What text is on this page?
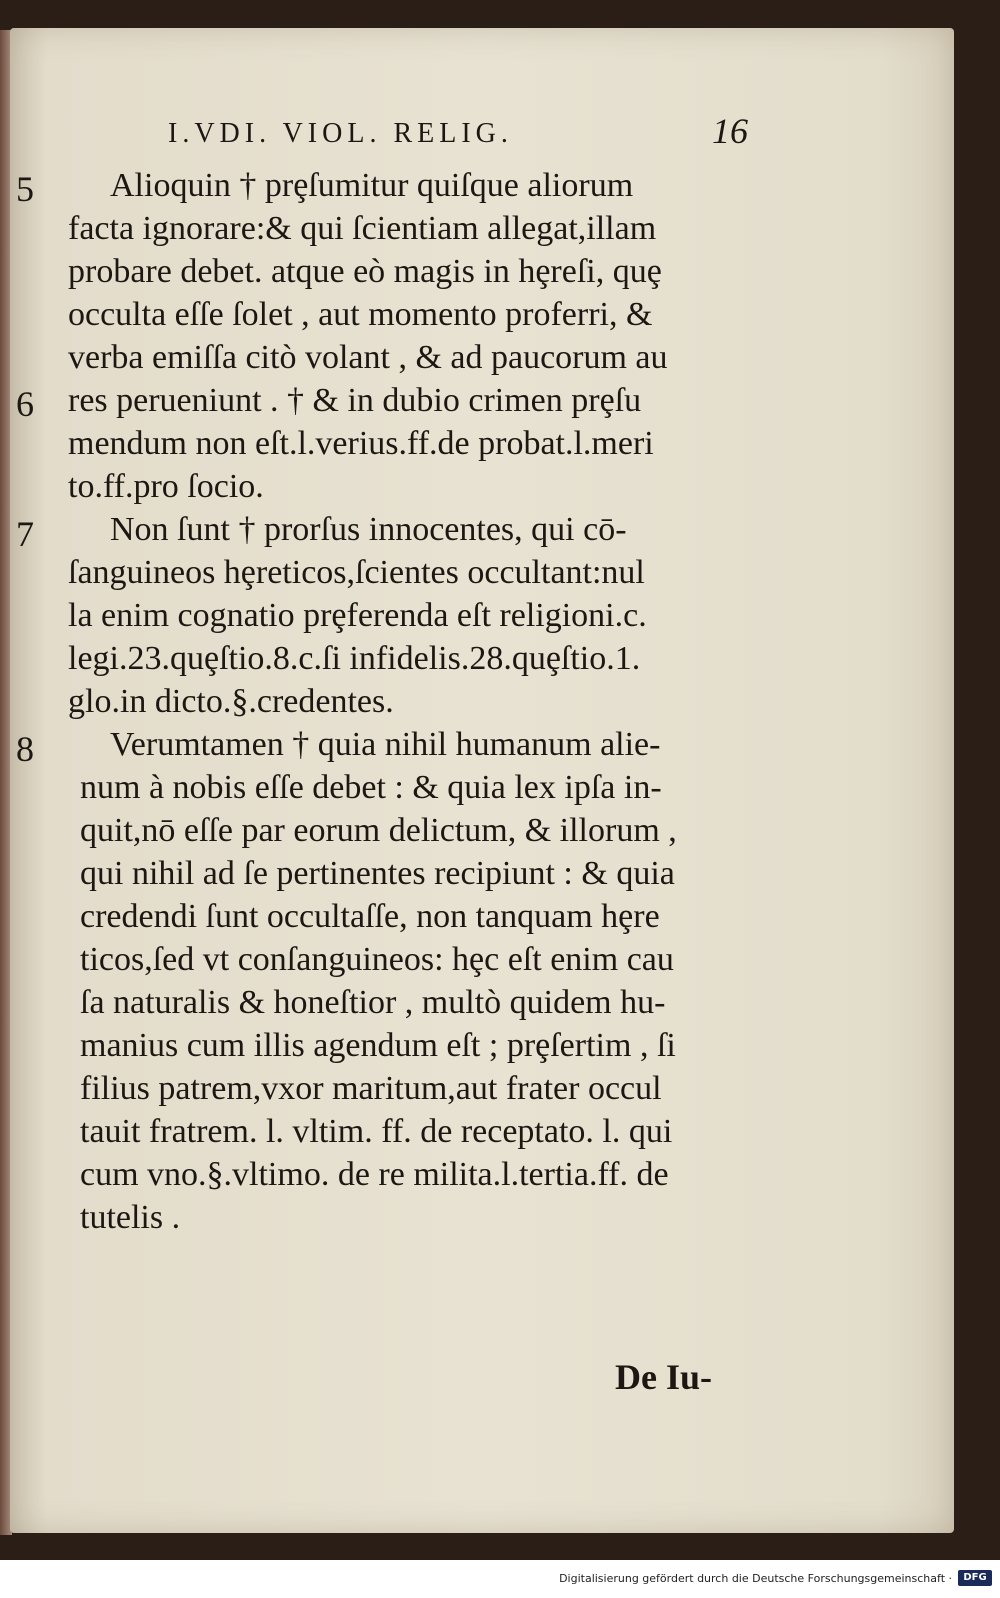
I.VDI. VIOL. RELIG.	16
5
6
7
8
Alioquin † prȩſumitur quiſque aliorum
facta ignorare:& qui ſcientiam allegat,illam
probare debet. atque eò magis in hȩreſi, quȩ
occulta eſſe ſolet , aut momento proferri, &
verba emiſſa citò volant , & ad paucorum au
res perueniunt . † & in dubio crimen prȩſu
mendum non eſt.l.verius.ff.de probat.l.meri
to.ff.pro ſocio.
Non ſunt † prorſus innocentes, qui cō-
ſanguineos hȩreticos,ſcientes occultant:nul
la enim cognatio prȩferenda eſt religioni.c.
legi.23.quȩſtio.8.c.ſi infidelis.28.quȩſtio.1.
glo.in dicto.§.credentes.
Verumtamen † quia nihil humanum alie-
num à nobis eſſe debet : & quia lex ipſa in-
quit,nō eſſe par eorum delictum, & illorum ,
qui nihil ad ſe pertinentes recipiunt : & quia
credendi ſunt occultaſſe, non tanquam hȩre
ticos,ſed vt conſanguineos: hȩc eſt enim cau
ſa naturalis & honeſtior , multò quidem hu-
manius cum illis agendum eſt ; prȩſertim , ſi
filius patrem,vxor maritum,aut frater occul
tauit fratrem. l. vltim. ff. de receptato. l. qui
cum vno.§.vltimo. de re milita.l.tertia.ff. de
tutelis .
De Iu-
Digitalisierung gefördert durch die Deutsche Forschungsgemeinschaft ·	DFG
